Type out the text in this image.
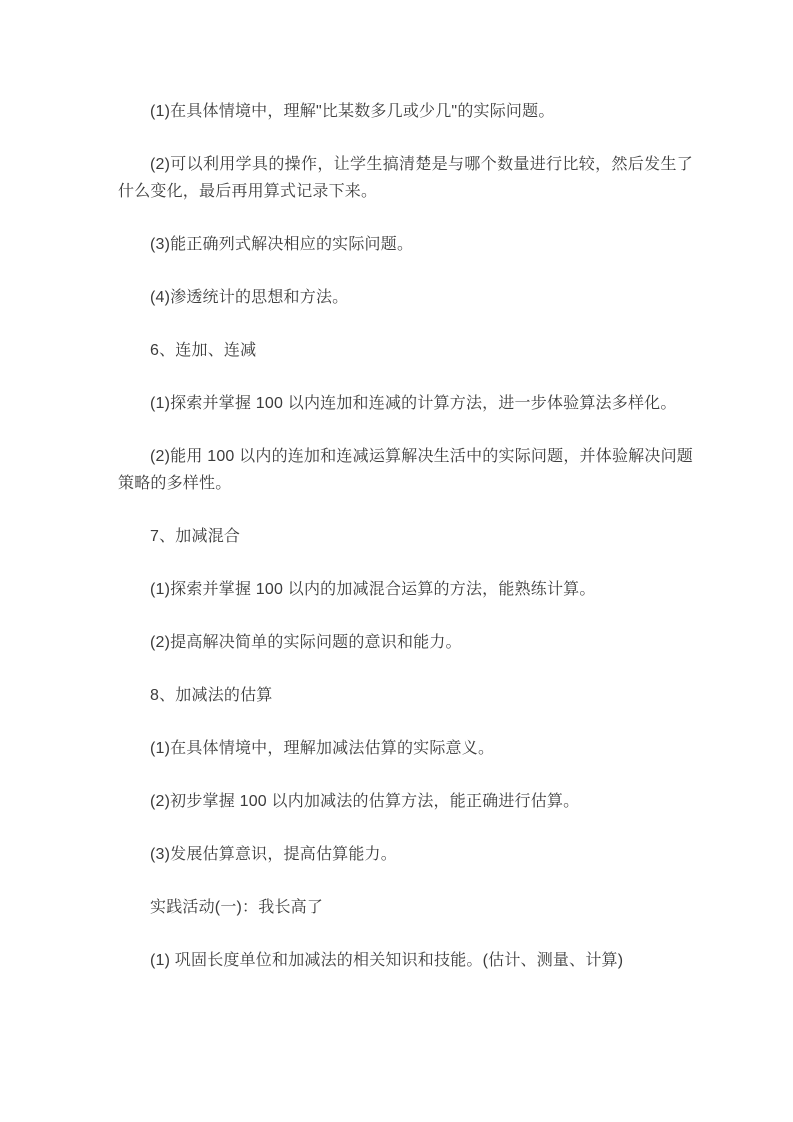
(1)在具体情境中，理解"比某数多几或少几"的实际问题。

(2)可以利用学具的操作，让学生搞清楚是与哪个数量进行比较，然后发生了什么变化，最后再用算式记录下来。

(3)能正确列式解决相应的实际问题。

(4)渗透统计的思想和方法。

6、连加、连减

(1)探索并掌握 100 以内连加和连减的计算方法，进一步体验算法多样化。

(2)能用 100 以内的连加和连减运算解决生活中的实际问题，并体验解决问题策略的多样性。

7、加减混合

(1)探索并掌握 100 以内的加减混合运算的方法，能熟练计算。

(2)提高解决简单的实际问题的意识和能力。

8、加减法的估算

(1)在具体情境中，理解加减法估算的实际意义。

(2)初步掌握 100 以内加减法的估算方法，能正确进行估算。

(3)发展估算意识，提高估算能力。

实践活动(一)：我长高了

(1) 巩固长度单位和加减法的相关知识和技能。(估计、测量、计算)
